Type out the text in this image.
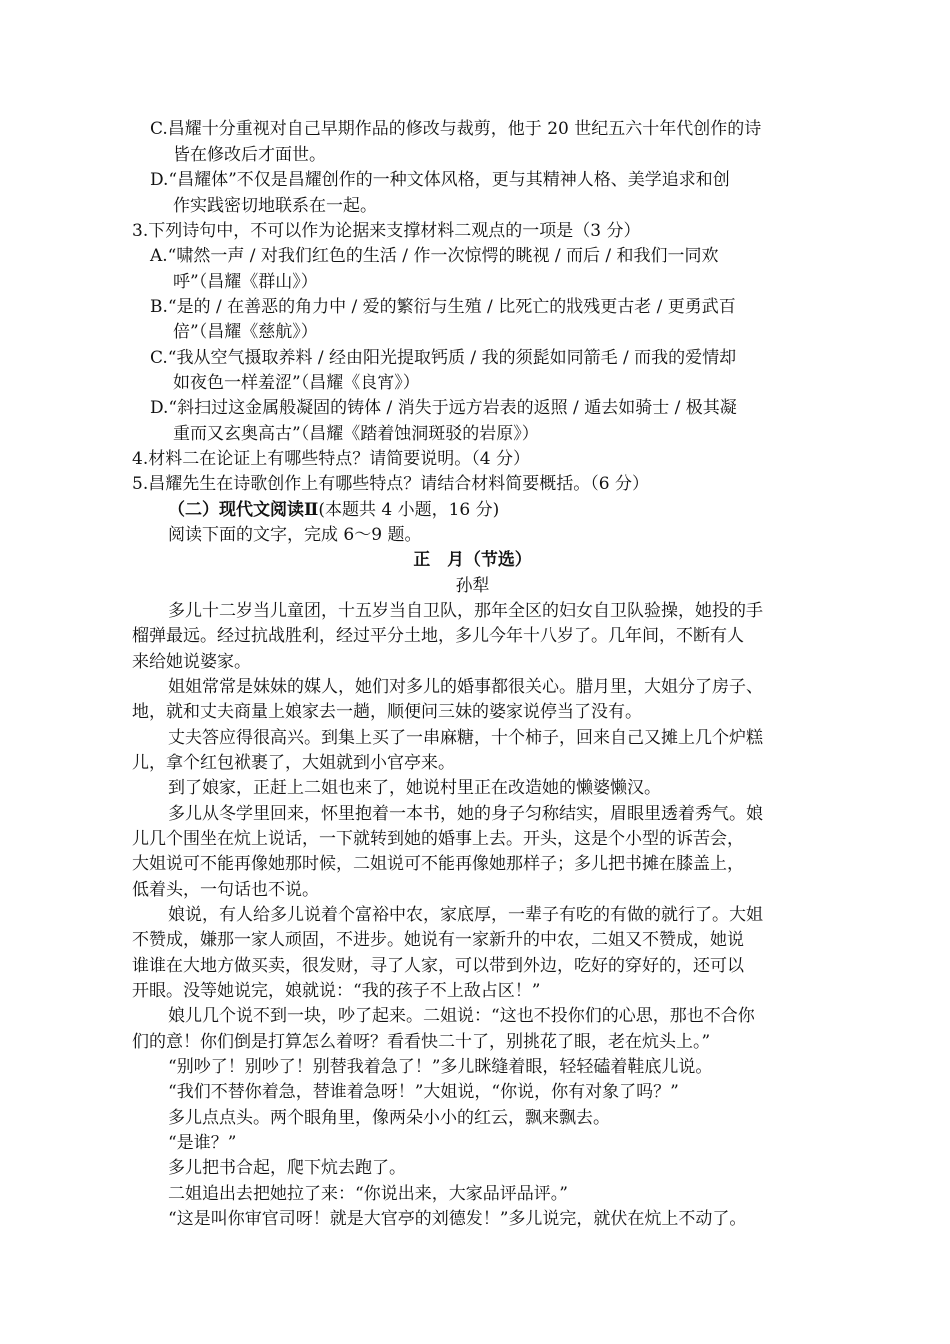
C.昌耀十分重视对自己早期作品的修改与裁剪，他于 20 世纪五六十年代创作的诗
皆在修改后才面世。
D.“昌耀体”不仅是昌耀创作的一种文体风格，更与其精神人格、美学追求和创
作实践密切地联系在一起。
3.下列诗句中，不可以作为论据来支撑材料二观点的一项是（3 分）
A.“啸然一声 / 对我们红色的生活 / 作一次惊愕的眺视 / 而后 / 和我们一同欢
呼”（昌耀《群山》）
B.“是的 / 在善恶的角力中 / 爱的繁衍与生殖 / 比死亡的戕残更古老 / 更勇武百
倍”（昌耀《慈航》）
C.“我从空气摄取养料 / 经由阳光提取钙质 / 我的须髭如同箭毛 / 而我的爱情却
如夜色一样羞涩”（昌耀《良宵》）
D.“斜扫过这金属般凝固的铸体 / 消失于远方岩表的返照 / 遁去如骑士 / 极其凝
重而又玄奥高古”（昌耀《踏着蚀洞斑驳的岩原》）
4.材料二在论证上有哪些特点？请简要说明。（4 分）
5.昌耀先生在诗歌创作上有哪些特点？请结合材料简要概括。（6 分）
（二）现代文阅读Ⅱ(本题共 4 小题，16 分)
阅读下面的文字，完成 6～9 题。
正　月（节选）
孙犁
多儿十二岁当儿童团，十五岁当自卫队，那年全区的妇女自卫队验操，她投的手
榴弹最远。经过抗战胜利，经过平分土地，多儿今年十八岁了。几年间，不断有人
来给她说婆家。
姐姐常常是妹妹的媒人，她们对多儿的婚事都很关心。腊月里，大姐分了房子、
地，就和丈夫商量上娘家去一趟，顺便问三妹的婆家说停当了没有。
丈夫答应得很高兴。到集上买了一串麻糖，十个柿子，回来自己又摊上几个炉糕
儿，拿个红包袱裹了，大姐就到小官亭来。
到了娘家，正赶上二姐也来了，她说村里正在改造她的懒婆懒汉。
多儿从冬学里回来，怀里抱着一本书，她的身子匀称结实，眉眼里透着秀气。娘
儿几个围坐在炕上说话，一下就转到她的婚事上去。开头，这是个小型的诉苦会，
大姐说可不能再像她那时候，二姐说可不能再像她那样子；多儿把书摊在膝盖上，
低着头，一句话也不说。
娘说，有人给多儿说着个富裕中农，家底厚，一辈子有吃的有做的就行了。大姐
不赞成，嫌那一家人顽固，不进步。她说有一家新升的中农，二姐又不赞成，她说
谁谁在大地方做买卖，很发财，寻了人家，可以带到外边，吃好的穿好的，还可以
开眼。没等她说完，娘就说：“我的孩子不上敌占区！”
娘儿几个说不到一块，吵了起来。二姐说：“这也不投你们的心思，那也不合你
们的意！你们倒是打算怎么着呀？看看快二十了，别挑花了眼，老在炕头上。”
“别吵了！别吵了！别替我着急了！”多儿眯缝着眼，轻轻磕着鞋底儿说。
“我们不替你着急，替谁着急呀！”大姐说，“你说，你有对象了吗？”
多儿点点头。两个眼角里，像两朵小小的红云，飘来飘去。
“是谁？”
多儿把书合起，爬下炕去跑了。
二姐追出去把她拉了来：“你说出来，大家品评品评。”
“这是叫你审官司呀！就是大官亭的刘德发！”多儿说完，就伏在炕上不动了。
